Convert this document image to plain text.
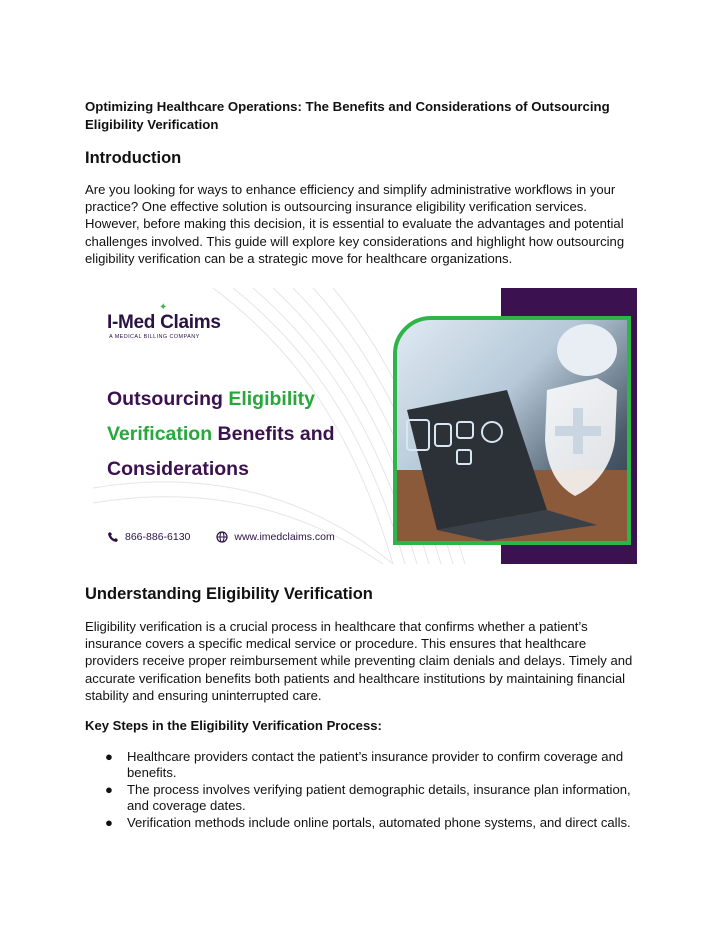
Optimizing Healthcare Operations: The Benefits and Considerations of Outsourcing Eligibility Verification

Introduction

Are you looking for ways to enhance efficiency and simplify administrative workflows in your practice? One effective solution is outsourcing insurance eligibility verification services. However, before making this decision, it is essential to evaluate the advantages and potential challenges involved. This guide will explore key considerations and highlight how outsourcing eligibility verification can be a strategic move for healthcare organizations.

Understanding Eligibility Verification

Eligibility verification is a crucial process in healthcare that confirms whether a patient’s insurance covers a specific medical service or procedure. This ensures that healthcare providers receive proper reimbursement while preventing claim denials and delays. Timely and accurate verification benefits both patients and healthcare institutions by maintaining financial stability and ensuring uninterrupted care.

Key Steps in the Eligibility Verification Process:

● Healthcare providers contact the patient’s insurance provider to confirm coverage and benefits.
● The process involves verifying patient demographic details, insurance plan information, and coverage dates.
● Verification methods include online portals, automated phone systems, and direct calls.
✦
I-Med Claims
A MEDICAL BILLING COMPANY
Outsourcing Eligibility
Verification Benefits and
Considerations
866-886-6130	www.imedclaims.com
